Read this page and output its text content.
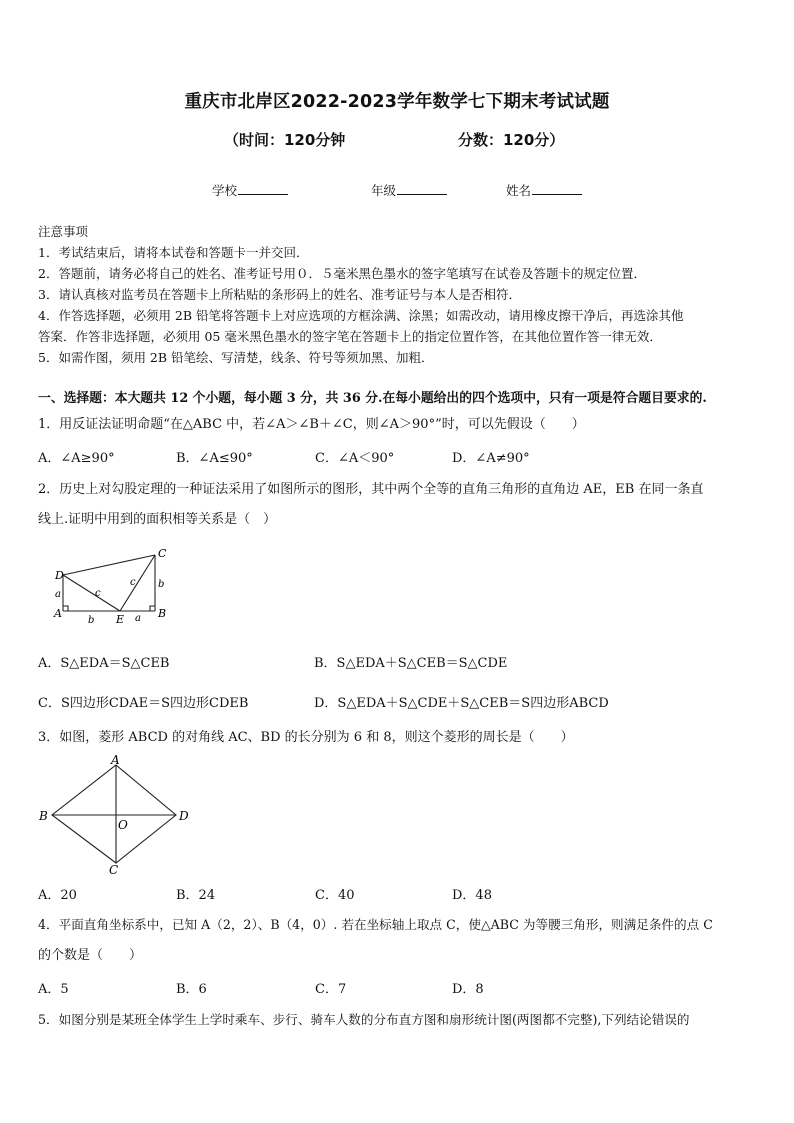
重庆市北岸区2022-2023学年数学七下期末考试试题
（时间：120分钟	分数：120分）
学校	年级	姓名
注意事项
1．考试结束后，请将本试卷和答题卡一并交回．
2．答题前，请务必将自己的姓名、准考证号用０．５毫米黑色墨水的签字笔填写在试卷及答题卡的规定位置．
3．请认真核对监考员在答题卡上所粘贴的条形码上的姓名、准考证号与本人是否相符．
4．作答选择题，必须用 2B 铅笔将答题卡上对应选项的方框涂满、涂黑；如需改动，请用橡皮擦干净后，再选涂其他
答案．作答非选择题，必须用 05 毫米黑色墨水的签字笔在答题卡上的指定位置作答，在其他位置作答一律无效．
5．如需作图，须用 2B 铅笔绘、写清楚，线条、符号等须加黑、加粗．
一、选择题：本大题共 12 个小题，每小题 3 分，共 36 分.在每小题给出的四个选项中，只有一项是符合题目要求的.
1．用反证法证明命题“在△ABC 中，若∠A＞∠B＋∠C，则∠A＞90°”时，可以先假设（　　）
A．∠A≥90°	B．∠A≤90°	C．∠A＜90°	D．∠A≠90°
2．历史上对勾股定理的一种证法采用了如图所示的图形，其中两个全等的直角三角形的直角边 AE，EB 在同一条直
线上.证明中用到的面积相等关系是（　）
D
C
A	E	B
a
a
b
b
c
c
A．S△EDA＝S△CEB	B．S△EDA＋S△CEB＝S△CDE
C．S四边形CDAE＝S四边形CDEB	D．S△EDA＋S△CDE＋S△CEB＝S四边形ABCD
3．如图，菱形 ABCD 的对角线 AC、BD 的长分别为 6 和 8，则这个菱形的周长是（　　）
A
B
C
D
O
A．20	B．24	C．40	D．48
4．平面直角坐标系中，已知 A（2，2）、B（4，0）. 若在坐标轴上取点 C，使△ABC 为等腰三角形，则满足条件的点 C
的个数是（　　）
A．5	B．6	C．7	D．8
5．如图分别是某班全体学生上学时乘车、步行、骑车人数的分布直方图和扇形统计图(两图都不完整),下列结论错误的
